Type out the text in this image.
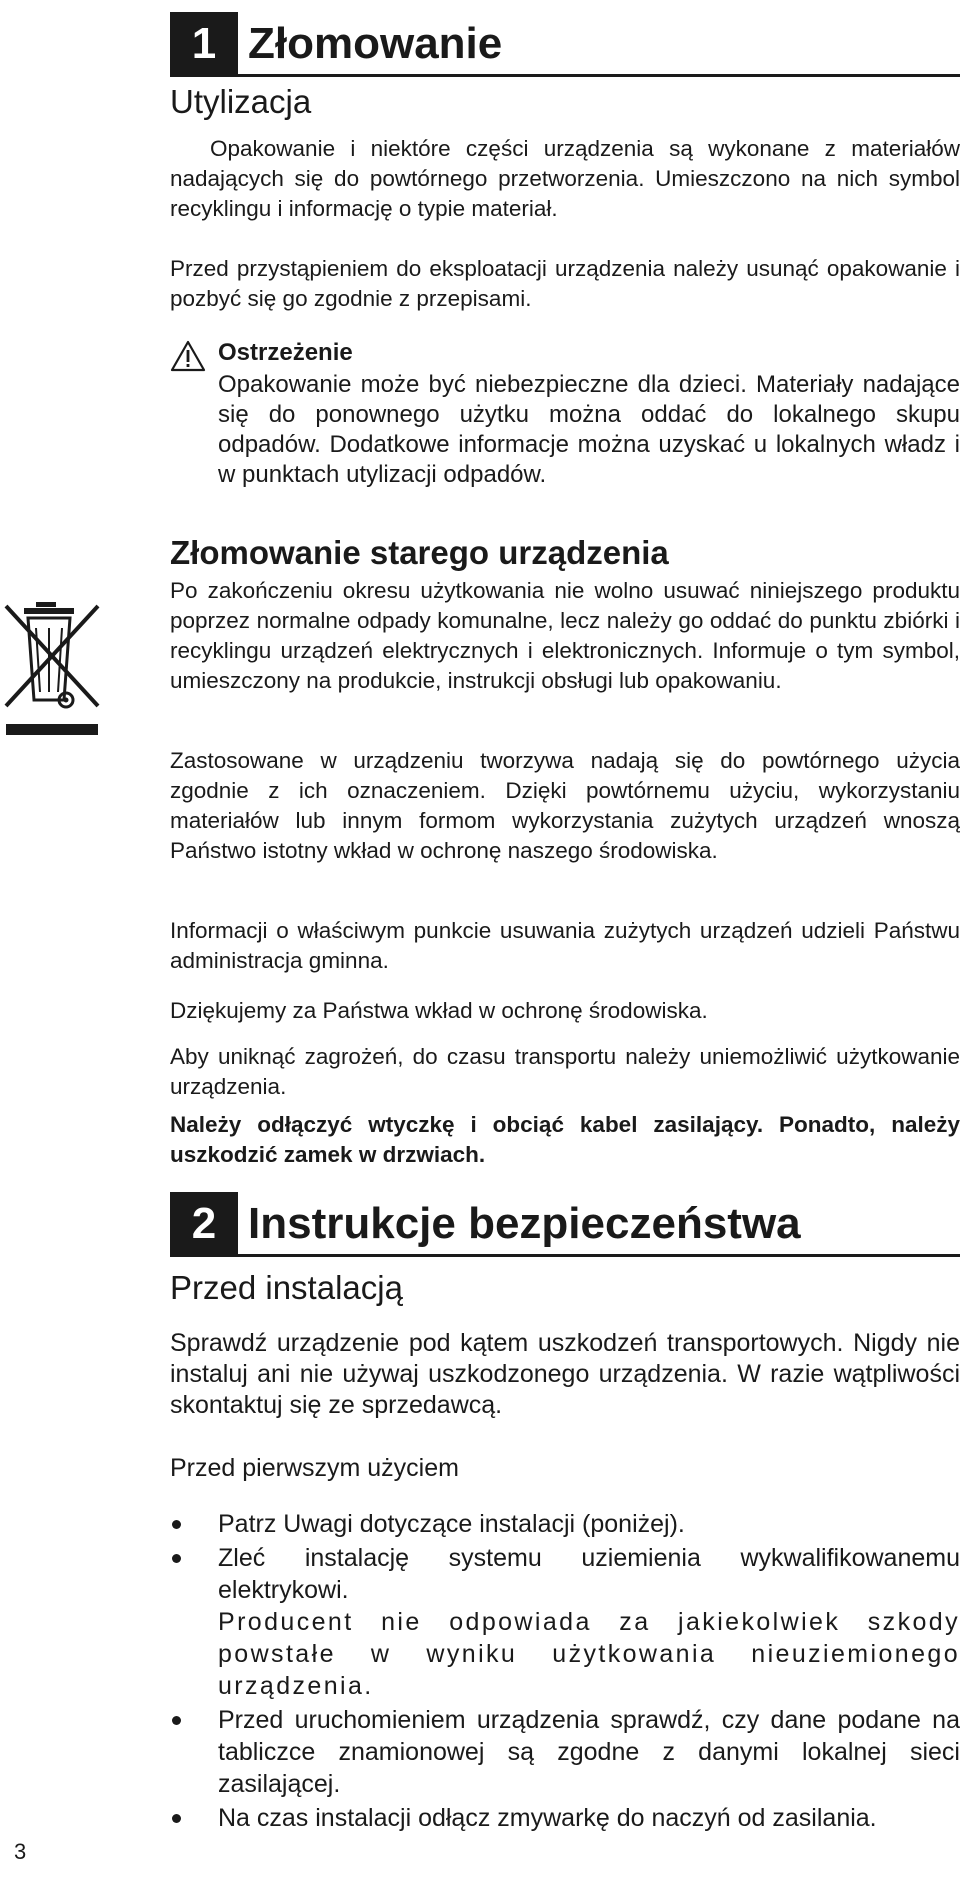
1 Złomowanie
Utylizacja
Opakowanie i niektóre części urządzenia są wykonane z materiałów nadających się do powtórnego przetworzenia. Umieszczono na nich symbol recyklingu i informację o typie materiał.
Przed przystąpieniem do eksploatacji urządzenia należy usunąć opakowanie i pozbyć się go zgodnie z przepisami.
Ostrzeżenie
Opakowanie może być niebezpieczne dla dzieci. Materiały nadające się do ponownego użytku można oddać do lokalnego skupu odpadów. Dodatkowe informacje można uzyskać u lokalnych władz i w punktach utylizacji odpadów.
Złomowanie starego urządzenia
Po zakończeniu okresu użytkowania nie wolno usuwać niniejszego produktu poprzez normalne odpady komunalne, lecz należy go oddać do punktu zbiórki i recyklingu urządzeń elektrycznych i elektronicznych. Informuje o tym symbol, umieszczony na produkcie, instrukcji obsługi lub opakowaniu.
Zastosowane w urządzeniu tworzywa nadają się do powtórnego użycia zgodnie z ich oznaczeniem. Dzięki powtórnemu użyciu, wykorzystaniu materiałów lub innym formom wykorzystania zużytych urządzeń wnoszą Państwo istotny wkład w ochronę naszego środowiska.
Informacji o właściwym punkcie usuwania zużytych urządzeń udzieli Państwu administracja gminna.
Dziękujemy za Państwa wkład w ochronę środowiska.
Aby uniknąć zagrożeń, do czasu transportu należy uniemożliwić użytkowanie urządzenia.
Należy odłączyć wtyczkę i obciąć kabel zasilający. Ponadto, należy uszkodzić zamek w drzwiach.
2 Instrukcje bezpieczeństwa
Przed instalacją
Sprawdź urządzenie pod kątem uszkodzeń transportowych. Nigdy nie instaluj ani nie używaj uszkodzonego urządzenia. W razie wątpliwości skontaktuj się ze sprzedawcą.
Przed pierwszym użyciem
Patrz Uwagi dotyczące instalacji (poniżej).
Zleć instalację systemu uziemienia wykwalifikowanemu elektrykowi.
Producent nie odpowiada za jakiekolwiek szkody powstałe w wyniku użytkowania nieuziemionego urządzenia.
Przed uruchomieniem urządzenia sprawdź, czy dane podane na tabliczce znamionowej są zgodne z danymi lokalnej sieci zasilającej.
Na czas instalacji odłącz zmywarkę do naczyń od zasilania.
3
